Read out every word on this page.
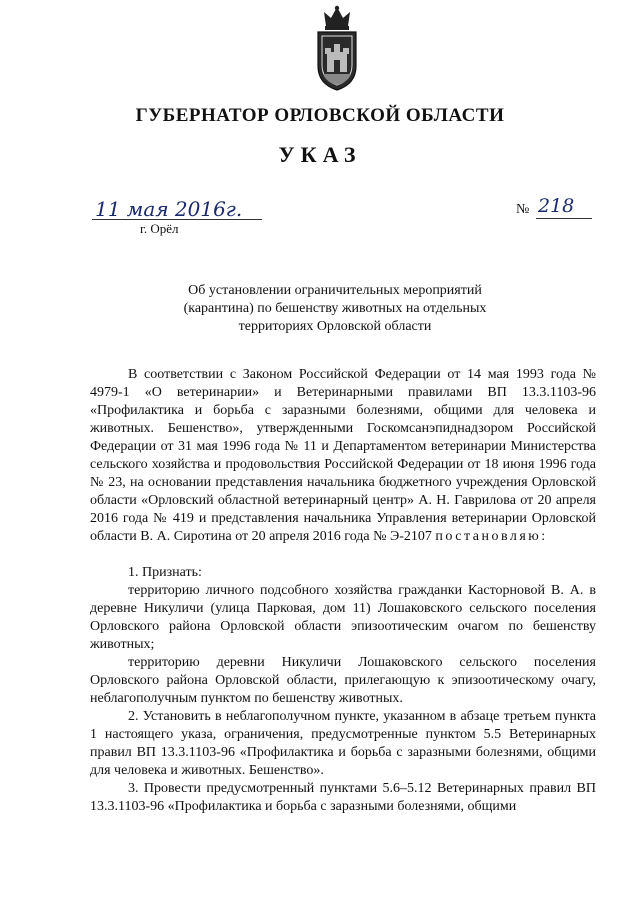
ГУБЕРНАТОР ОРЛОВСКОЙ ОБЛАСТИ
УКАЗ
11 мая 2016г.
г. Орёл
№ 218
Об установлении ограничительных мероприятий
(карантина) по бешенству животных на отдельных
территориях Орловской области

В соответствии с Законом Российской Федерации от 14 мая 1993 года № 4979-1 «О ветеринарии» и Ветеринарными правилами ВП 13.3.1103-96 «Профилактика и борьба с заразными болезнями, общими для человека и животных. Бешенство», утвержденными Госкомсанэпиднадзором Российской Федерации от 31 мая 1996 года № 11 и Департаментом ветеринарии Министерства сельского хозяйства и продовольствия Российской Федерации от 18 июня 1996 года № 23, на основании представления начальника бюджетного учреждения Орловской области «Орловский областной ветеринарный центр» А. Н. Гаврилова от 20 апреля 2016 года № 419 и представления начальника Управления ветеринарии Орловской области В. А. Сиротина от 20 апреля 2016 года № Э-2107 постановляю:

1. Признать:

территорию личного подсобного хозяйства гражданки Касторновой В. А. в деревне Никуличи (улица Парковая, дом 11) Лошаковского сельского поселения Орловского района Орловской области эпизоотическим очагом по бешенству животных;

территорию деревни Никуличи Лошаковского сельского поселения Орловского района Орловской области, прилегающую к эпизоотическому очагу, неблагополучным пунктом по бешенству животных.

2. Установить в неблагополучном пункте, указанном в абзаце третьем пункта 1 настоящего указа, ограничения, предусмотренные пунктом 5.5 Ветеринарных правил ВП 13.3.1103-96 «Профилактика и борьба с заразными болезнями, общими для человека и животных. Бешенство».

3. Провести предусмотренный пунктами 5.6–5.12 Ветеринарных правил ВП 13.3.1103-96 «Профилактика и борьба с заразными болезнями, общими
